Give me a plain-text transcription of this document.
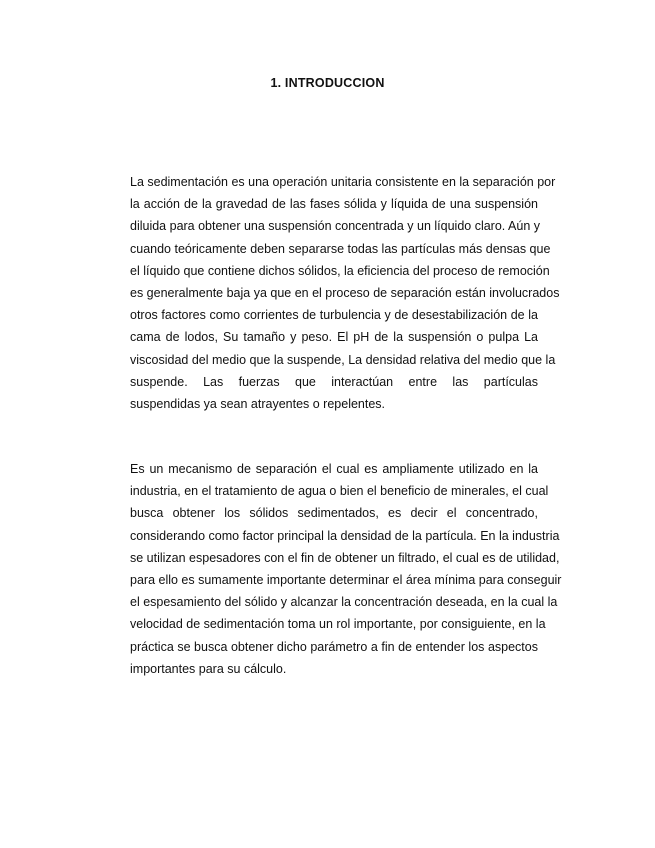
1. INTRODUCCION
La sedimentación es una operación unitaria consistente en la separación por
la acción de la gravedad de las fases sólida y líquida de una suspensión
diluida para obtener una suspensión concentrada y un líquido claro. Aún y
cuando teóricamente deben separarse todas las partículas más densas que
el líquido que contiene dichos sólidos, la eficiencia del proceso de remoción
es generalmente baja ya que en el proceso de separación están involucrados
otros factores como corrientes de turbulencia y de desestabilización de la
cama de lodos, Su tamaño y peso. El pH de la suspensión o pulpa La
viscosidad del medio que la suspende, La densidad relativa del medio que la
suspende. Las fuerzas que interactúan entre las partículas
suspendidas ya sean atrayentes o repelentes.
Es un mecanismo de separación el cual es ampliamente utilizado en la
industria, en el tratamiento de agua o bien el beneficio de minerales, el cual
busca obtener los sólidos sedimentados, es decir el concentrado,
considerando como factor principal la densidad de la partícula. En la industria
se utilizan espesadores con el fin de obtener un filtrado, el cual es de utilidad,
para ello es sumamente importante determinar el área mínima para conseguir
el espesamiento del sólido y alcanzar la concentración deseada, en la cual la
velocidad de sedimentación toma un rol importante, por consiguiente, en la
práctica se busca obtener dicho parámetro a fin de entender los aspectos
importantes para su cálculo.
